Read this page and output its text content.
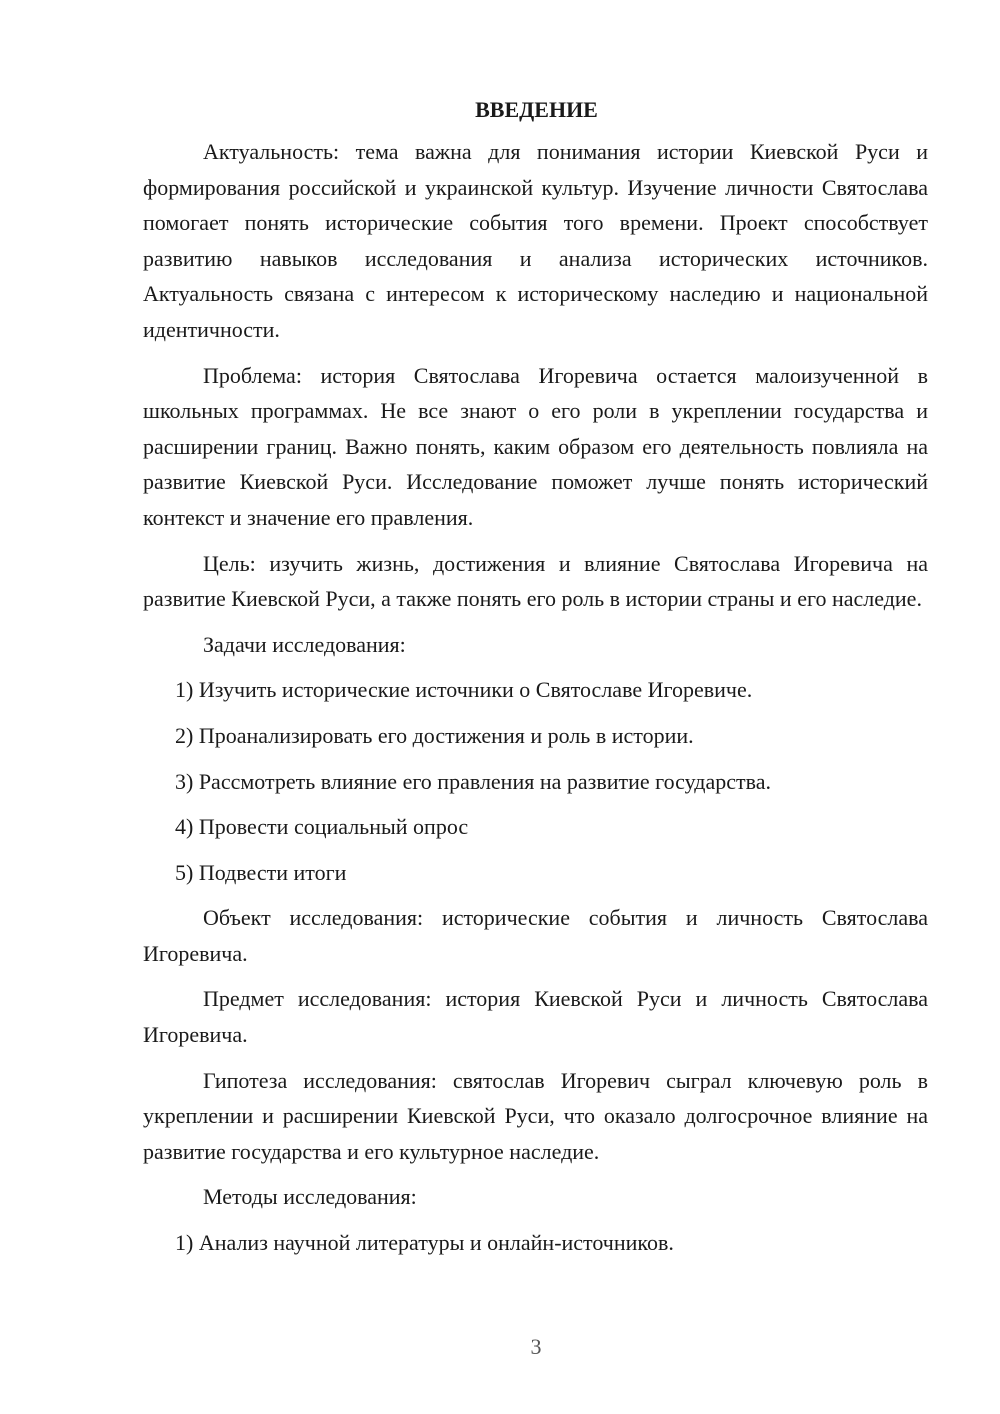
ВВЕДЕНИЕ

Актуальность: тема важна для понимания истории Киевской Руси и формирования российской и украинской культур. Изучение личности Святослава помогает понять исторические события того времени. Проект способствует развитию навыков исследования и анализа исторических источников. Актуальность связана с интересом к историческому наследию и национальной идентичности.

Проблема: история Святослава Игоревича остается малоизученной в школьных программах. Не все знают о его роли в укреплении государства и расширении границ. Важно понять, каким образом его деятельность повлияла на развитие Киевской Руси. Исследование поможет лучше понять исторический контекст и значение его правления.

Цель: изучить жизнь, достижения и влияние Святослава Игоревича на развитие Киевской Руси, а также понять его роль в истории страны и его наследие.

Задачи исследования:

1) Изучить исторические источники о Святославе Игоревиче.

2) Проанализировать его достижения и роль в истории.

3) Рассмотреть влияние его правления на развитие государства.

4) Провести социальный опрос

5) Подвести итоги

Объект исследования: исторические события и личность Святослава Игоревича.

Предмет исследования: история Киевской Руси и личность Святослава Игоревича.

Гипотеза исследования: святослав Игоревич сыграл ключевую роль в укреплении и расширении Киевской Руси, что оказало долгосрочное влияние на развитие государства и его культурное наследие.

Методы исследования:

1) Анализ научной литературы и онлайн-источников.

3
